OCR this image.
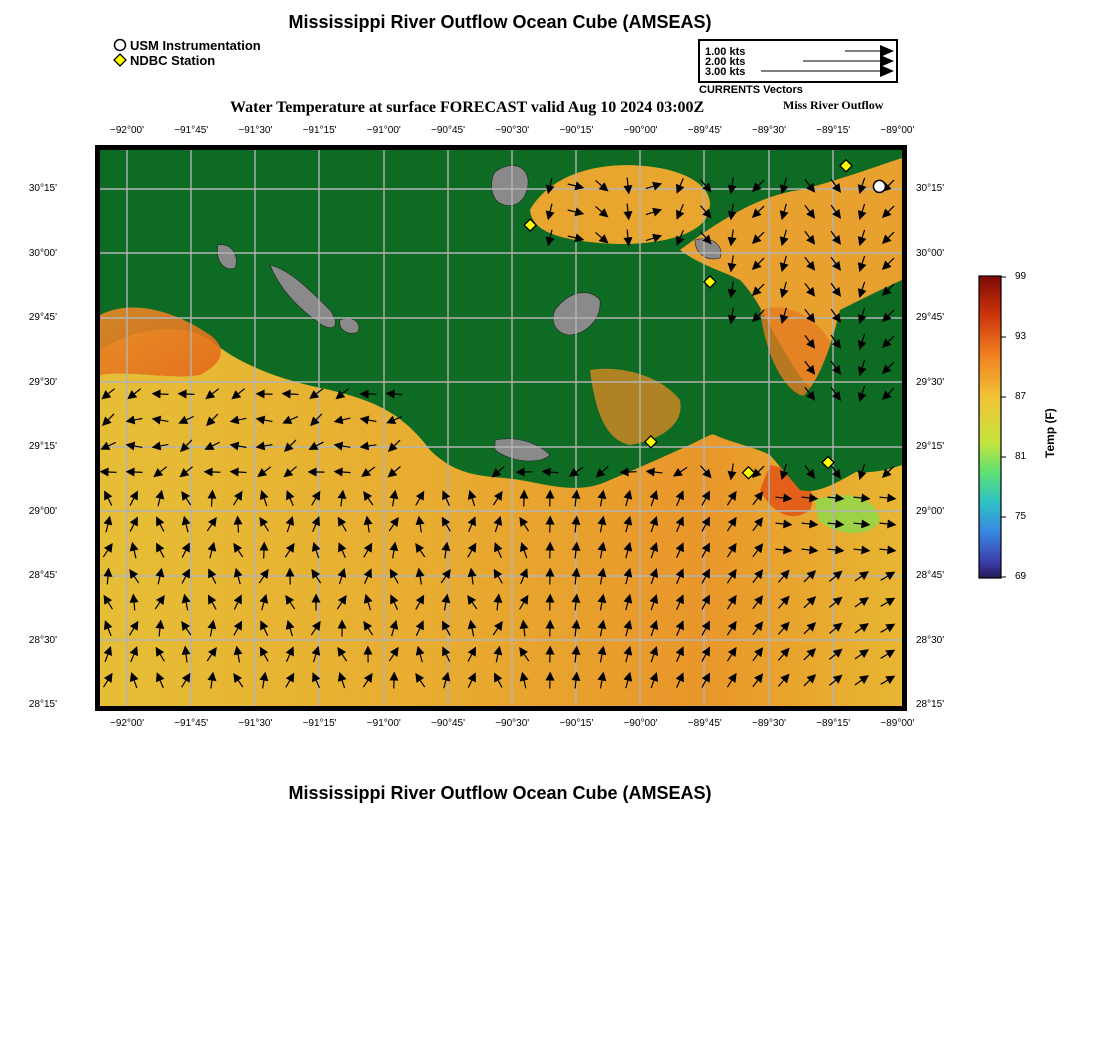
Mississippi River Outflow Ocean Cube (AMSEAS)
USM Instrumentation
NDBC Station
1.00 kts
2.00 kts
3.00 kts
CURRENTS Vectors
Water Temperature at surface FORECAST valid Aug 10 2024 03:00Z	Miss River Outflow
−92°00'	−91°45'	−91°30'	−91°15'	−91°00'	−90°45'	−90°30'	−90°15'	−90°00'	−89°45'	−89°30'	−89°15'	−89°00'
−92°00'	−91°45'	−91°30'	−91°15'	−91°00'	−90°45'	−90°30'	−90°15'	−90°00'	−89°45'	−89°30'	−89°15'	−89°00'
30°15'
30°00'
29°45'
29°30'
29°15'
29°00'
28°45'
28°30'
28°15'
30°15'
30°00'
29°45'
29°30'
29°15'
29°00'
28°45'
28°30'
28°15'
99
93
87
81
75
69
Temp (F)
Mississippi River Outflow Ocean Cube (AMSEAS)
